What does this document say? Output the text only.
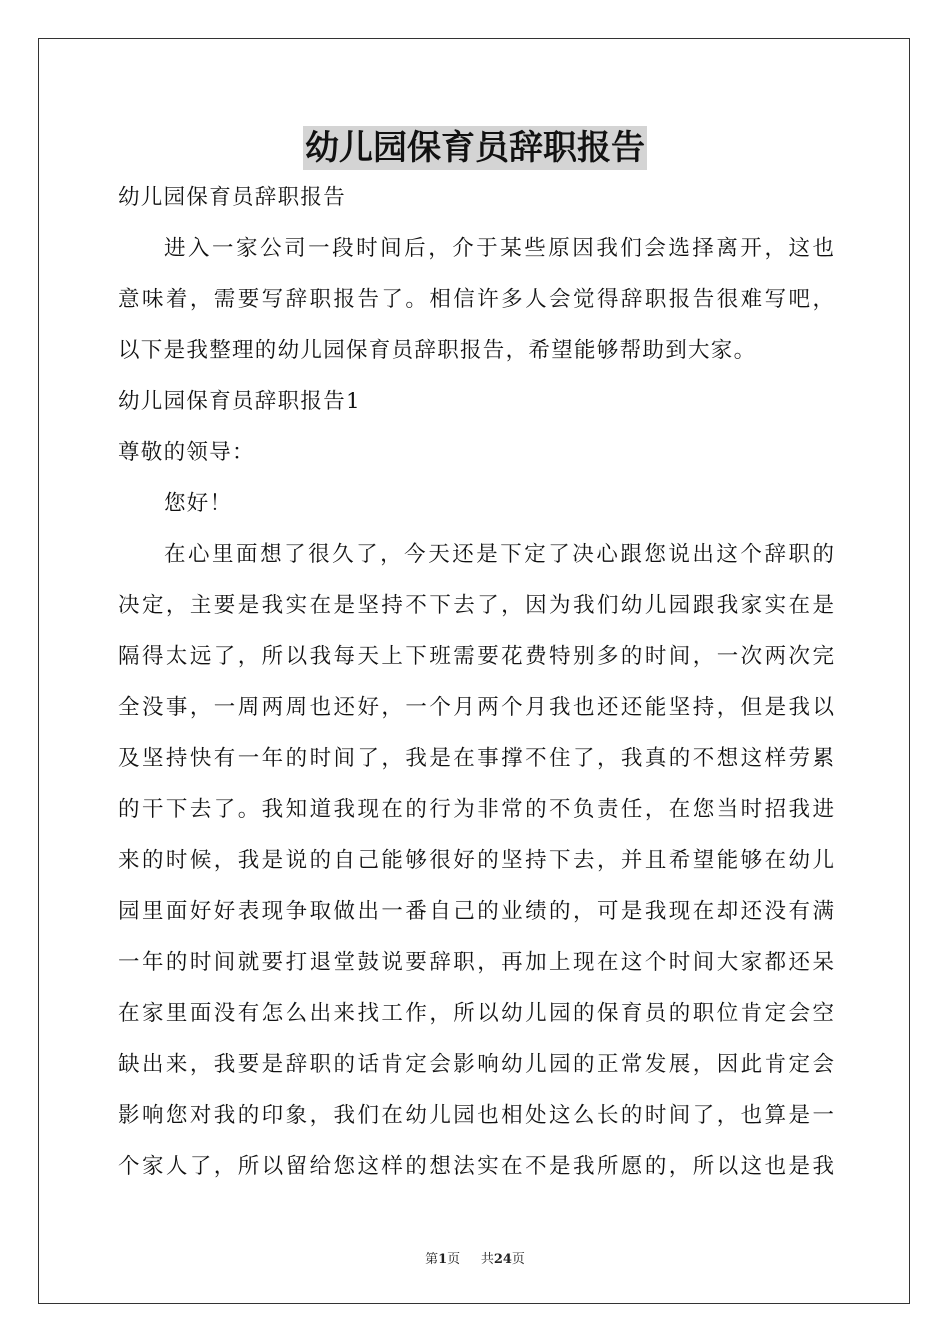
幼儿园保育员辞职报告
幼儿园保育员辞职报告
进入一家公司一段时间后，介于某些原因我们会选择离开，这也
意味着，需要写辞职报告了。相信许多人会觉得辞职报告很难写吧，
以下是我整理的幼儿园保育员辞职报告，希望能够帮助到大家。
幼儿园保育员辞职报告1
尊敬的领导：
您好！
在心里面想了很久了，今天还是下定了决心跟您说出这个辞职的
决定，主要是我实在是坚持不下去了，因为我们幼儿园跟我家实在是
隔得太远了，所以我每天上下班需要花费特别多的时间，一次两次完
全没事，一周两周也还好，一个月两个月我也还还能坚持，但是我以
及坚持快有一年的时间了，我是在事撑不住了，我真的不想这样劳累
的干下去了。我知道我现在的行为非常的不负责任，在您当时招我进
来的时候，我是说的自己能够很好的坚持下去，并且希望能够在幼儿
园里面好好表现争取做出一番自己的业绩的，可是我现在却还没有满
一年的时间就要打退堂鼓说要辞职，再加上现在这个时间大家都还呆
在家里面没有怎么出来找工作，所以幼儿园的保育员的职位肯定会空
缺出来，我要是辞职的话肯定会影响幼儿园的正常发展，因此肯定会
影响您对我的印象，我们在幼儿园也相处这么长的时间了，也算是一
个家人了，所以留给您这样的想法实在不是我所愿的，所以这也是我
第1页 共24页
